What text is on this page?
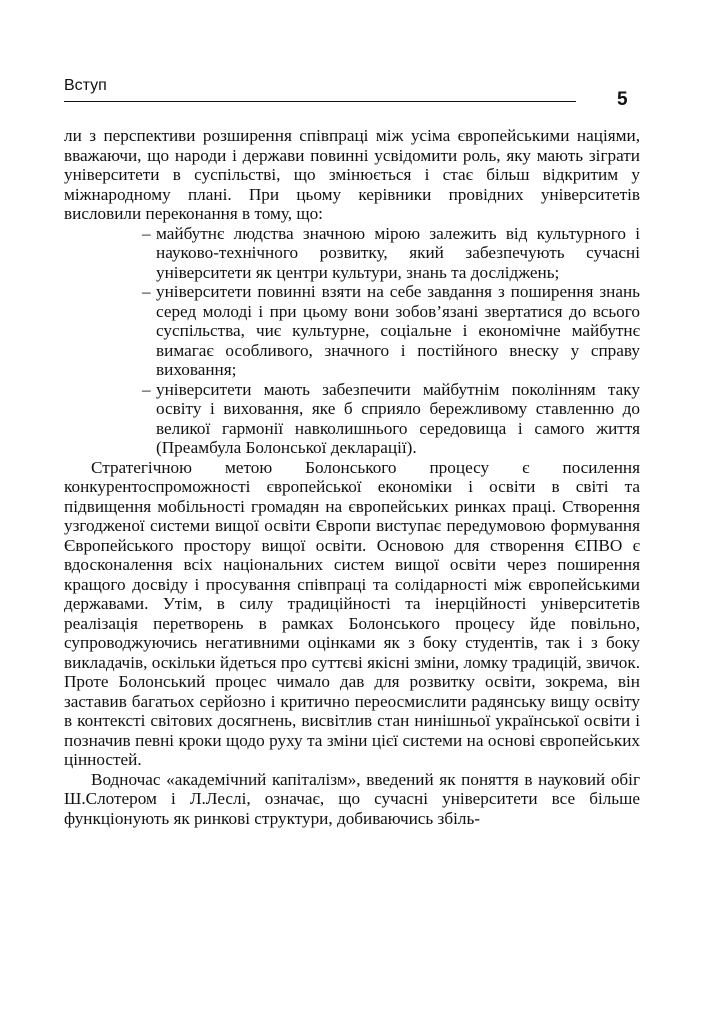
Вступ
5

ли з перспективи розширення співпраці між усіма європейськими націями, вважаючи, що народи і держави повинні усвідомити роль, яку мають зіграти університети в суспільстві, що змінюється і стає більш відкритим у міжнародному плані. При цьому керівники провідних університетів висловили переконання в тому, що:

– майбутнє людства значною мірою залежить від культурного і науково-технічного розвитку, який забезпечують сучасні університети як центри культури, знань та досліджень;
– університети повинні взяти на себе завдання з поширення знань серед молоді і при цьому вони зобов’язані звертатися до всього суспільства, чиє культурне, соціальне і економічне майбутнє вимагає особливого, значного і постійного внеску у справу виховання;
– університети мають забезпечити майбутнім поколінням таку освіту і виховання, яке б сприяло бережливому ставленню до великої гармонії навколишнього середовища і самого життя (Преамбула Болонської декларації).

Стратегічною метою Болонського процесу є посилення конкурентоспроможності європейської економіки і освіти в світі та підвищення мобільності громадян на європейських ринках праці. Створення узгодженої системи вищої освіти Європи виступає передумовою формування Європейського простору вищої освіти. Основою для створення ЄПВО є вдосконалення всіх національних систем вищої освіти через поширення кращого досвіду і просування співпраці та солідарності між європейськими державами. Утім, в силу традиційності та інерційності університетів реалізація перетворень в рамках Болонського процесу йде повільно, супроводжуючись негативними оцінками як з боку студентів, так і з боку викладачів, оскільки йдеться про суттєві якісні зміни, ломку традицій, звичок. Проте Болонський процес чимало дав для розвитку освіти, зокрема, він заставив багатьох серйозно і критично переосмислити радянську вищу освіту в контексті світових досягнень, висвітлив стан нинішньої української освіти і позначив певні кроки щодо руху та зміни цієї системи на основі європейських цінностей.

Водночас «академічний капіталізм», введений як поняття в науковий обіг Ш.Слотером і Л.Леслі, означає, що сучасні університети все більше функціонують як ринкові структури, добиваючись збіль-
